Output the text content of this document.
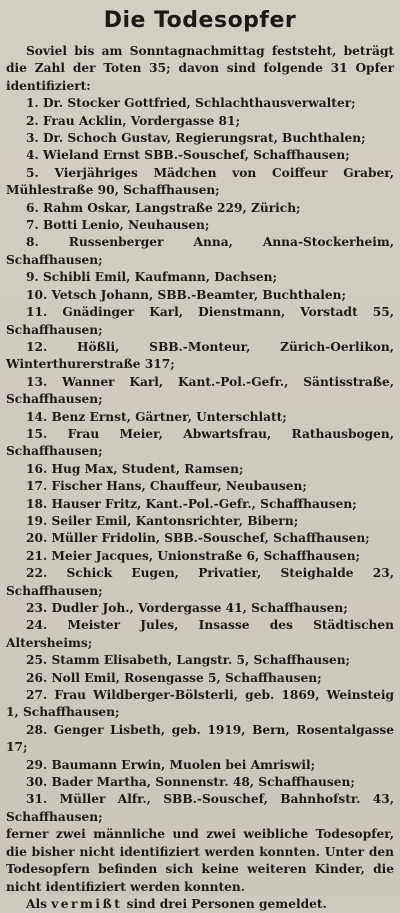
Die Todesopfer

Soviel bis am Sonntagnachmittag feststeht, beträgt die Zahl der Toten 35; davon sind folgende 31 Opfer identifiziert:

1. Dr. Stocker Gottfried, Schlachthausverwalter;
2. Frau Acklin, Vordergasse 81;
3. Dr. Schoch Gustav, Regierungsrat, Buchthalen;
4. Wieland Ernst SBB.-Souschef, Schaffhausen;
5. Vierjähriges Mädchen von Coiffeur Graber, Mühlestraße 90, Schaffhausen;
6. Rahm Oskar, Langstraße 229, Zürich;
7. Botti Lenio, Neuhausen;
8. Russenberger Anna, Anna-Stockerheim, Schaffhausen;
9. Schibli Emil, Kaufmann, Dachsen;
10. Vetsch Johann, SBB.-Beamter, Buchthalen;
11. Gnädinger Karl, Dienstmann, Vorstadt 55, Schaffhausen;
12. Hößli, SBB.-Monteur, Zürich-Oerlikon, Winterthurerstraße 317;
13. Wanner Karl, Kant.-Pol.-Gefr., Säntisstraße, Schaffhausen;
14. Benz Ernst, Gärtner, Unterschlatt;
15. Frau Meier, Abwartsfrau, Rathausbogen, Schaffhausen;
16. Hug Max, Student, Ramsen;
17. Fischer Hans, Chauffeur, Neubausen;
18. Hauser Fritz, Kant.-Pol.-Gefr., Schaffhausen;
19. Seiler Emil, Kantonsrichter, Bibern;
20. Müller Fridolin, SBB.-Souschef, Schaffhausen;
21. Meier Jacques, Unionstraße 6, Schaffhausen;
22. Schick Eugen, Privatier, Steighalde 23, Schaffhausen;
23. Dudler Joh., Vordergasse 41, Schaffhausen;
24. Meister Jules, Insasse des Städtischen Altersheims;
25. Stamm Elisabeth, Langstr. 5, Schaffhausen;
26. Noll Emil, Rosengasse 5, Schaffhausen;
27. Frau Wildberger-Bölsterli, geb. 1869, Weinsteig 1, Schaffhausen;
28. Genger Lisbeth, geb. 1919, Bern, Rosentalgasse 17;
29. Baumann Erwin, Muolen bei Amriswil;
30. Bader Martha, Sonnenstr. 48, Schaffhausen;
31. Müller Alfr., SBB.-Souschef, Bahnhofstr. 43, Schaffhausen;

ferner zwei männliche und zwei weibliche Todesopfer, die bisher nicht identifiziert werden konnten. Unter den Todesopfern befinden sich keine weiteren Kinder, die nicht identifiziert werden konnten.

Als vermißt sind drei Personen gemeldet.
